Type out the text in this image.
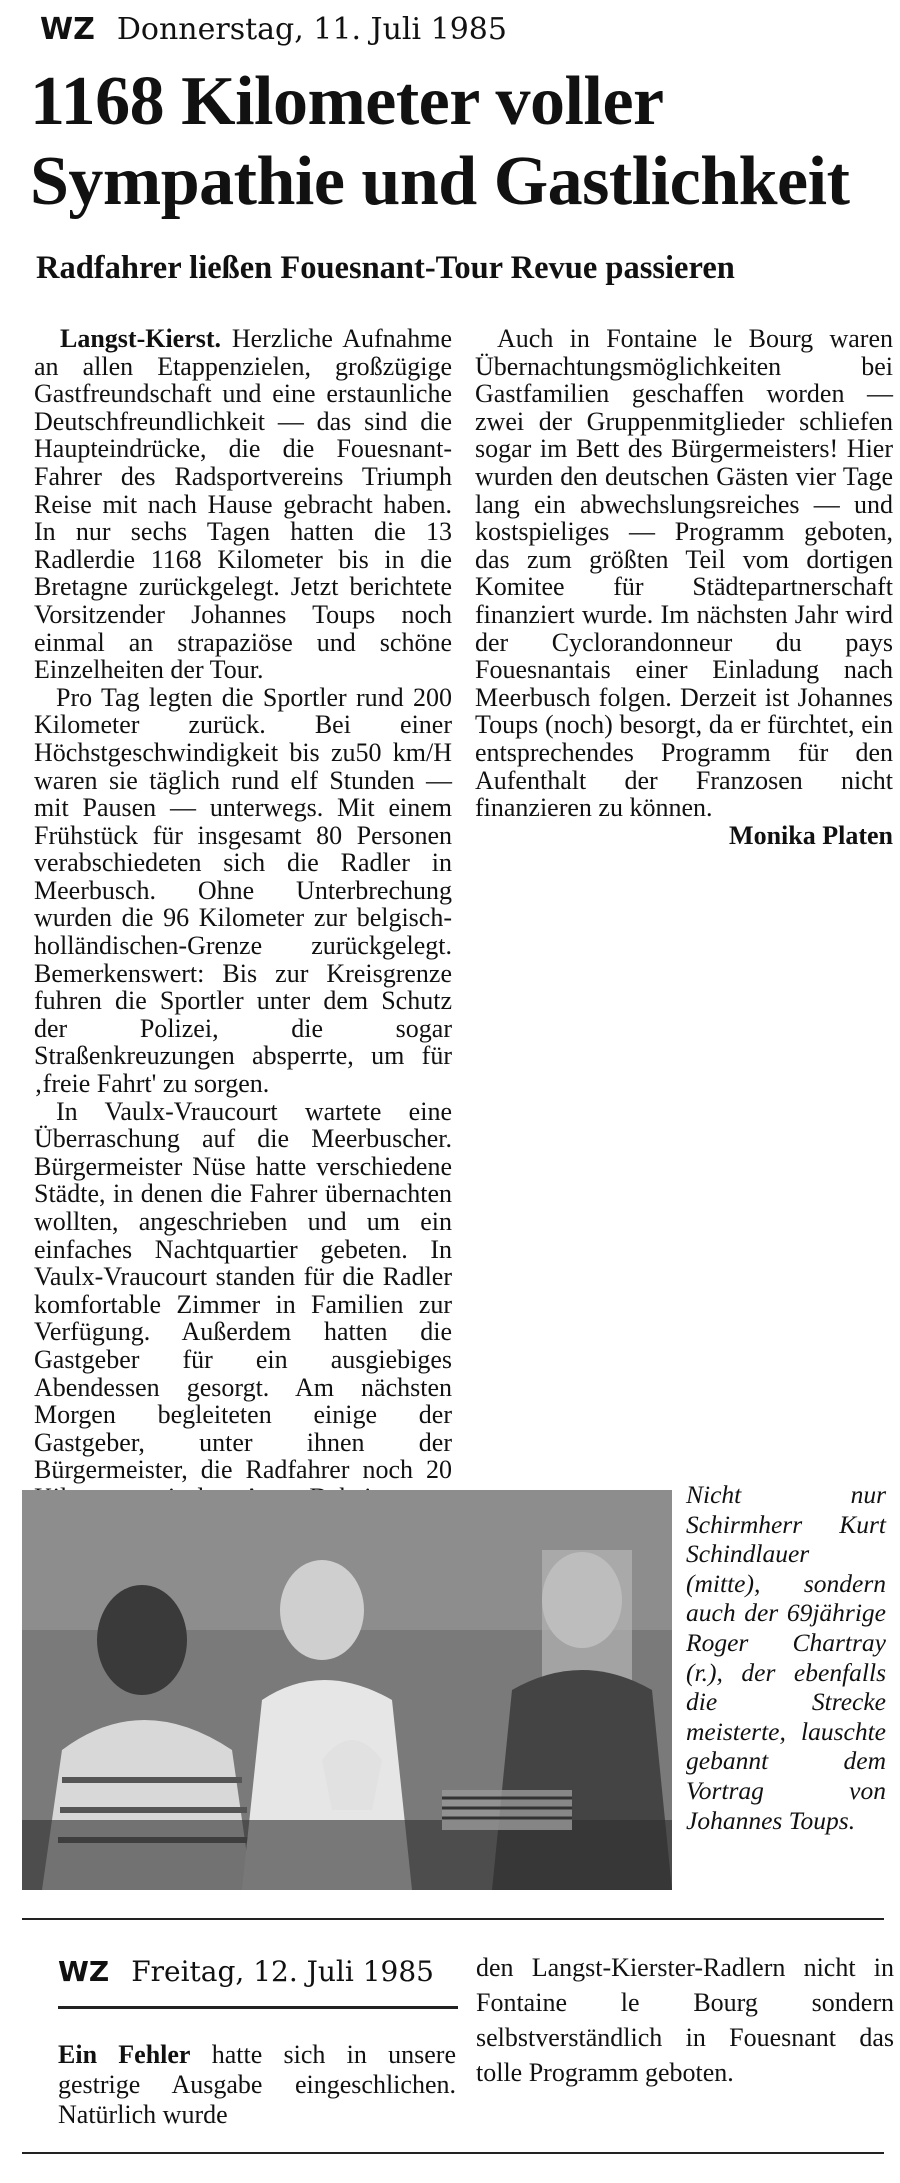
WZ Donnerstag, 11. Juli 1985
1168 Kilometer voller
Sympathie und Gastlichkeit
Radfahrer ließen Fouesnant-Tour Revue passieren

Langst-Kierst. Herzliche Aufnahme an allen Etappenzielen, großzügige Gastfreundschaft und eine erstaunliche Deutschfreundlichkeit — das sind die Haupteindrücke, die die Fouesnant-Fahrer des Radsportvereins Triumph Reise mit nach Hause gebracht haben. In nur sechs Tagen hatten die 13 Radlerdie 1168 Kilometer bis in die Bretagne zurückgelegt. Jetzt berichtete Vorsitzender Johannes Toups noch einmal an strapaziöse und schöne Einzelheiten der Tour.

Pro Tag legten die Sportler rund 200 Kilometer zurück. Bei einer Höchstgeschwindigkeit bis zu50 km/H waren sie täglich rund elf Stunden — mit Pausen — unterwegs. Mit einem Frühstück für insgesamt 80 Personen verabschiedeten sich die Radler in Meerbusch. Ohne Unterbrechung wurden die 96 Kilometer zur belgisch-holländischen-Grenze zurückgelegt. Bemerkenswert: Bis zur Kreisgrenze fuhren die Sportler unter dem Schutz der Polizei, die sogar Straßenkreuzungen absperrte, um für ‚freie Fahrt' zu sorgen.

In Vaulx-Vraucourt wartete eine Überraschung auf die Meerbuscher. Bürgermeister Nüse hatte verschiedene Städte, in denen die Fahrer übernachten wollten, angeschrieben und um ein einfaches Nachtquartier gebeten. In Vaulx-Vraucourt standen für die Radler komfortable Zimmer in Familien zur Verfügung. Außerdem hatten die Gastgeber für ein ausgiebiges Abendessen gesorgt. Am nächsten Morgen begleiteten einige der Gastgeber, unter ihnen der Bürgermeister, die Radfahrer noch 20

Auch in Fontaine le Bourg waren Übernachtungsmöglichkeiten bei Gastfamilien geschaffen worden — zwei der Gruppenmitglieder schliefen sogar im Bett des Bürgermeisters! Hier wurden den deutschen Gästen vier Tage lang ein abwechslungsreiches — und kostspieliges — Programm geboten, das zum größten Teil vom dortigen Komitee für Städtepartnerschaft finanziert wurde. Im nächsten Jahr wird der Cyclorandonneur du pays Fouesnantais einer Einladung nach Meerbusch folgen. Derzeit ist Johannes Toups (noch) besorgt, da er fürchtet, ein entsprechendes Programm für den Aufenthalt der Franzosen nicht finanzieren zu können.

Monika Platen

Nicht nur Schirmherr Kurt Schindlauer (mitte), sondern auch der 69jährige Roger Chartray (r.), der ebenfalls die Strecke meisterte, lauschte gebannt dem Vortrag von Johannes Toups.

WZ Freitag, 12. Juli 1985

Ein Fehler hatte sich in unsere gestrige Ausgabe eingeschlichen. Natürlich wurde

den Langst-Kierster-Radlern nicht in Fontaine le Bourg sondern selbstverständlich in Fouesnant das tolle Programm geboten.
